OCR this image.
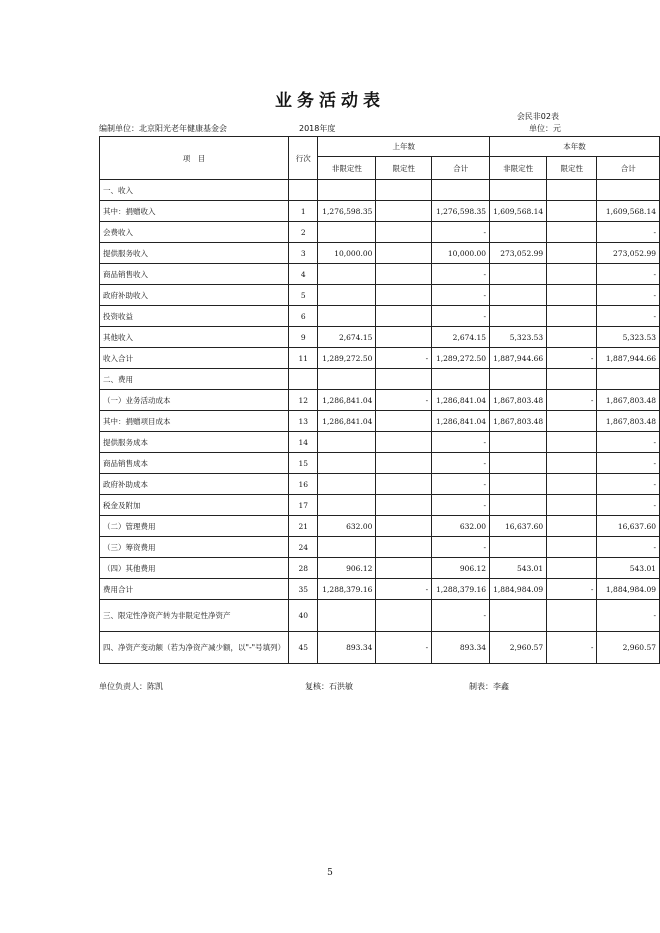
业务活动表
会民非02表
编制单位：北京阳光老年健康基金会	2018年度	单位：元
项　目	行次	上年数			本年数		
		非限定性	限定性	合计	非限定性	限定性	合计
一、收入							
其中：捐赠收入	1	1,276,598.35		1,276,598.35	1,609,568.14		1,609,568.14
会费收入	2			-			-
提供服务收入	3	10,000.00		10,000.00	273,052.99		273,052.99
商品销售收入	4			-			-
政府补助收入	5			-			-
投资收益	6			-			-
其他收入	9	2,674.15		2,674.15	5,323.53		5,323.53
收入合计	11	1,289,272.50	-	1,289,272.50	1,887,944.66	-	1,887,944.66
二、费用							
（一）业务活动成本	12	1,286,841.04	-	1,286,841.04	1,867,803.48	-	1,867,803.48
其中：捐赠项目成本	13	1,286,841.04		1,286,841.04	1,867,803.48		1,867,803.48
提供服务成本	14			-			-
商品销售成本	15			-			-
政府补助成本	16			-			-
税金及附加	17			-			-
（二）管理费用	21	632.00		632.00	16,637.60		16,637.60
（三）筹资费用	24			-			-
（四）其他费用	28	906.12		906.12	543.01		543.01
费用合计	35	1,288,379.16	-	1,288,379.16	1,884,984.09	-	1,884,984.09
三、限定性净资产转为非限定性净资产	40			-			-
四、净资产变动额（若为净资产减少额，以"-"号填列）	45	893.34	-	893.34	2,960.57	-	2,960.57
单位负责人：陈凯	复核：石洪敏	制表：李鑫
5
